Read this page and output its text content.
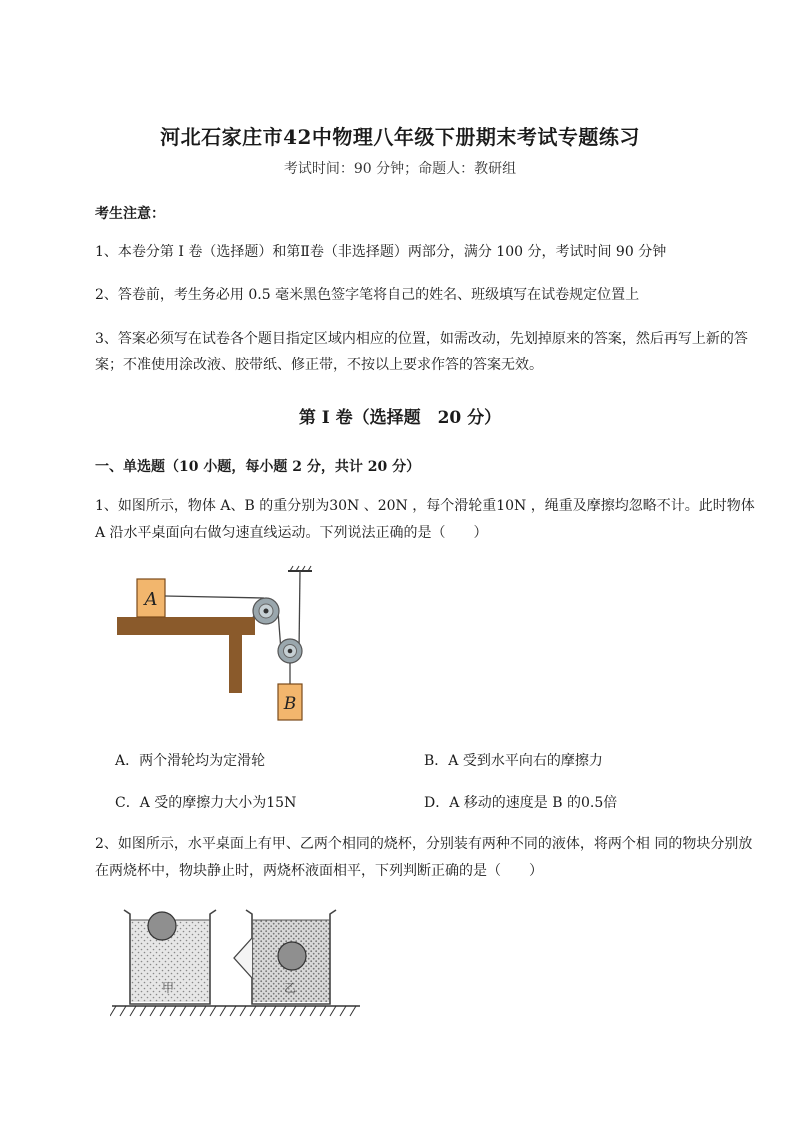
河北石家庄市42中物理八年级下册期末考试专题练习
考试时间：90 分钟；命题人：教研组
考生注意：
1、本卷分第 I 卷（选择题）和第Ⅱ卷（非选择题）两部分，满分 100 分，考试时间 90 分钟
2、答卷前，考生务必用 0.5 毫米黑色签字笔将自己的姓名、班级填写在试卷规定位置上
3、答案必须写在试卷各个题目指定区域内相应的位置，如需改动，先划掉原来的答案，然后再写上新的答案；不准使用涂改液、胶带纸、修正带，不按以上要求作答的答案无效。
第 I 卷（选择题　20 分）
一、单选题（10 小题，每小题 2 分，共计 20 分）
1、如图所示，物体 A、B 的重分别为30N 、20N ，每个滑轮重10N ，绳重及摩擦均忽略不计。此时物体 A 沿水平桌面向右做匀速直线运动。下列说法正确的是（　　）
A
B
A．两个滑轮均为定滑轮	B．A 受到水平向右的摩擦力
C．A 受的摩擦力大小为15N	D．A 移动的速度是 B 的0.5倍
2、如图所示，水平桌面上有甲、乙两个相同的烧杯，分别装有两种不同的液体，将两个相 同的物块分别放在两烧杯中，物块静止时，两烧杯液面相平，下列判断正确的是（　　）
甲	乙
